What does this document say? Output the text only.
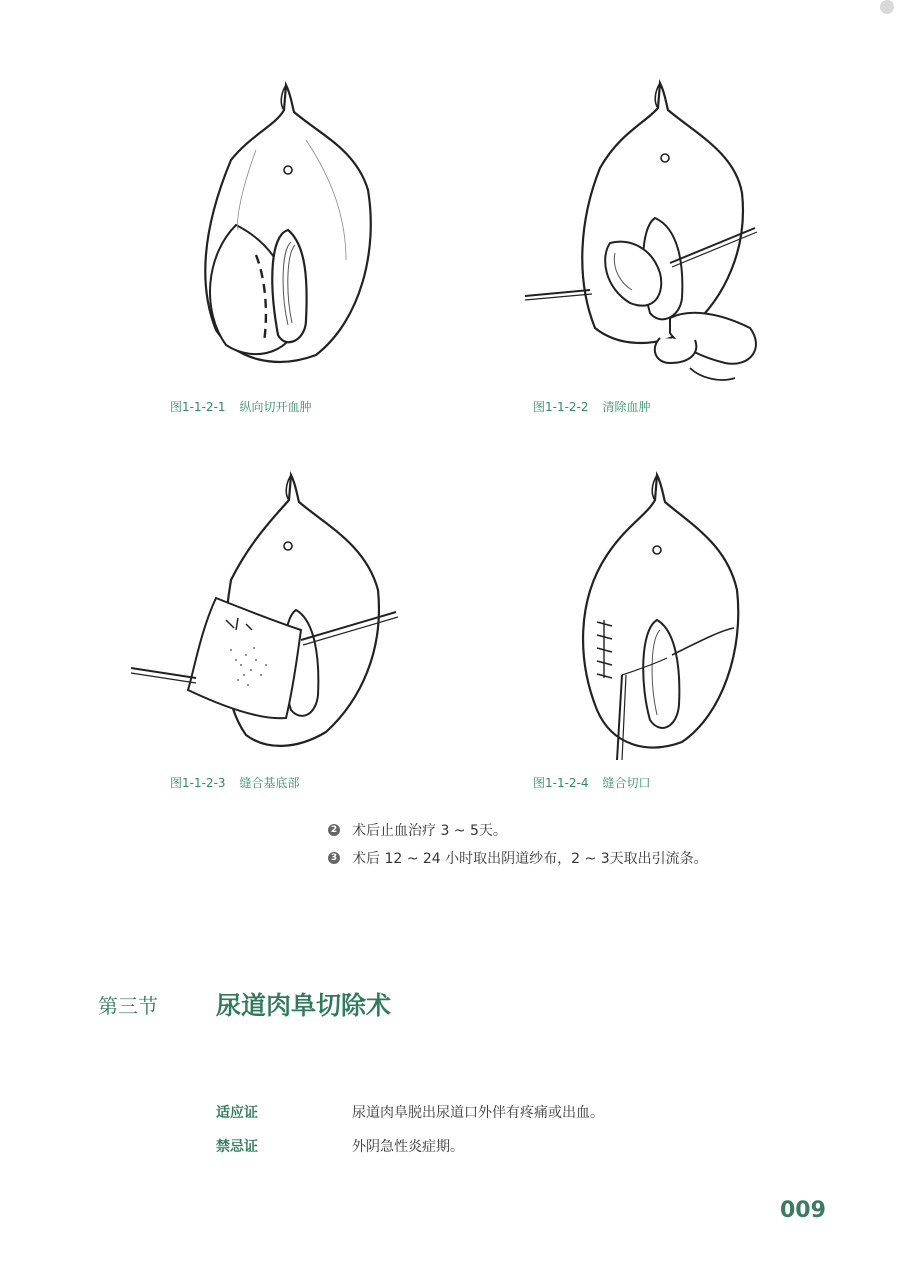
图1-1-2-1 纵向切开血肿	图1-1-2-2 清除血肿
图1-1-2-3 缝合基底部	图1-1-2-4 缝合切口
2 术后止血治疗 3 ~ 5天。
3 术后 12 ~ 24 小时取出阴道纱布，2 ~ 3天取出引流条。
第三节 尿道肉阜切除术
适应证	尿道肉阜脱出尿道口外伴有疼痛或出血。
禁忌证	外阴急性炎症期。
009
